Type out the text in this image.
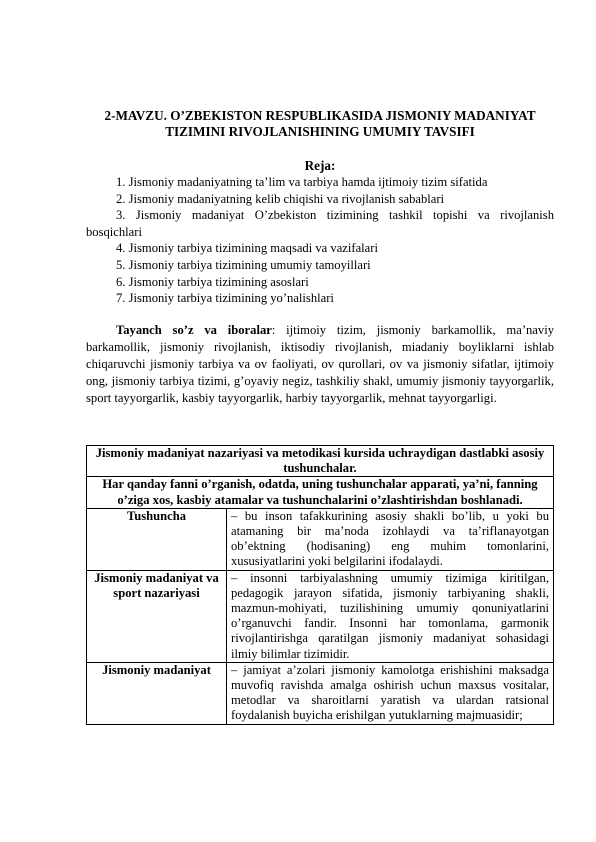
2-MAVZU. O’ZBEKISTON RESPUBLIKASIDA JISMONIY MADANIYAT TIZIMINI RIVOJLANISHINING UMUMIY TAVSIFI
Reja:
1. Jismoniy madaniyatning ta’lim va tarbiya hamda ijtimoiy tizim sifatida
2. Jismoniy madaniyatning kelib chiqishi va rivojlanish sabablari
3. Jismoniy madaniyat O’zbekiston tizimining tashkil topishi va rivojlanish bosqichlari
4. Jismoniy tarbiya tizimining maqsadi va vazifalari
5. Jismoniy tarbiya tizimining umumiy tamoyillari
6. Jismoniy tarbiya tizimining asoslari
7. Jismoniy tarbiya tizimining yo’nalishlari

Tayanch so’z va iboralar: ijtimoiy tizim, jismoniy barkamollik, ma’naviy barkamollik, jismoniy rivojlanish, iktisodiy rivojlanish, miadaniy boyliklarni ishlab chiqaruvchi jismoniy tarbiya va ov faoliyati, ov qurollari, ov va jismoniy sifatlar, ijtimoiy ong, jismoniy tarbiya tizimi, g’oyaviy negiz, tashkiliy shakl, umumiy jismoniy tayyorgarlik, sport tayyorgarlik, kasbiy tayyorgarlik, harbiy tayyorgarlik, mehnat tayyorgarligi.

Jismoniy madaniyat nazariyasi va metodikasi kursida uchraydigan dastlabki asosiy tushunchalar.	
Har qanday fanni o’rganish, odatda, uning tushunchalar apparati, ya’ni, fanning o’ziga xos, kasbiy atamalar va tushunchalarini o’zlashtirishdan boshlanadi.	
Tushuncha	– bu inson tafakkurining asosiy shakli bo’lib, u yoki bu atamaning bir ma’noda izohlaydi va ta’riflanayotgan ob’ektning (hodisaning) eng muhim tomonlarini, xususiyatlarini yoki belgilarini ifodalaydi.
Jismoniy madaniyat va sport nazariyasi	– insonni tarbiyalashning umumiy tizimiga kiritilgan, pedagogik jarayon sifatida, jismoniy tarbiyaning shakli, mazmun-mohiyati, tuzilishining umumiy qonuniyatlarini o’rganuvchi fandir. Insonni har tomonlama, garmonik rivojlantirishga qaratilgan jismoniy madaniyat sohasidagi ilmiy bilimlar tizimidir.
Jismoniy madaniyat	– jamiyat a’zolari jismoniy kamolotga erishishini maksadga muvofiq ravishda amalga oshirish uchun maxsus vositalar, metodlar va sharoitlarni yaratish va ulardan ratsional foydalanish buyicha erishilgan yutuklarning majmuasidir;
